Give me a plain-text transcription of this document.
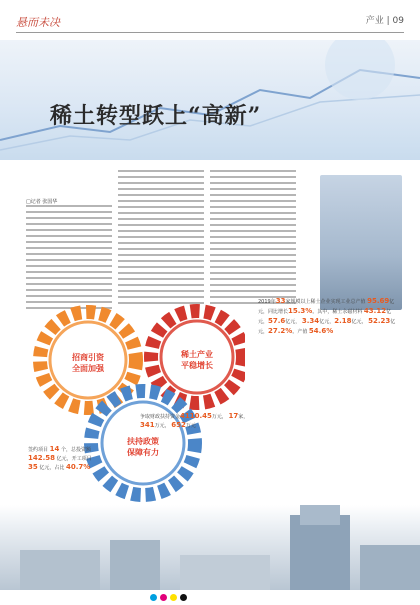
悬而未决	产业 | 09
稀土转型跃上“高新”
□记者 张国华
招商引资
全面加强
稀土产业
平稳增长
扶持政策
保障有力
签约项目 14 个，总投资额 142.58 亿元，开工项目 35 亿元，占比 40.7%
2019年33家规模以上稀土企业实现工业总产值 95.69亿元，同比增长15.3%。其中，稀土永磁材料 43.12亿元，57.6亿元， 3.34亿元，2.18亿元， 52.23亿元，27.2%。产值 54.6%
争取财政扶持资金4110.45万元， 17家，341万元， 652万元
